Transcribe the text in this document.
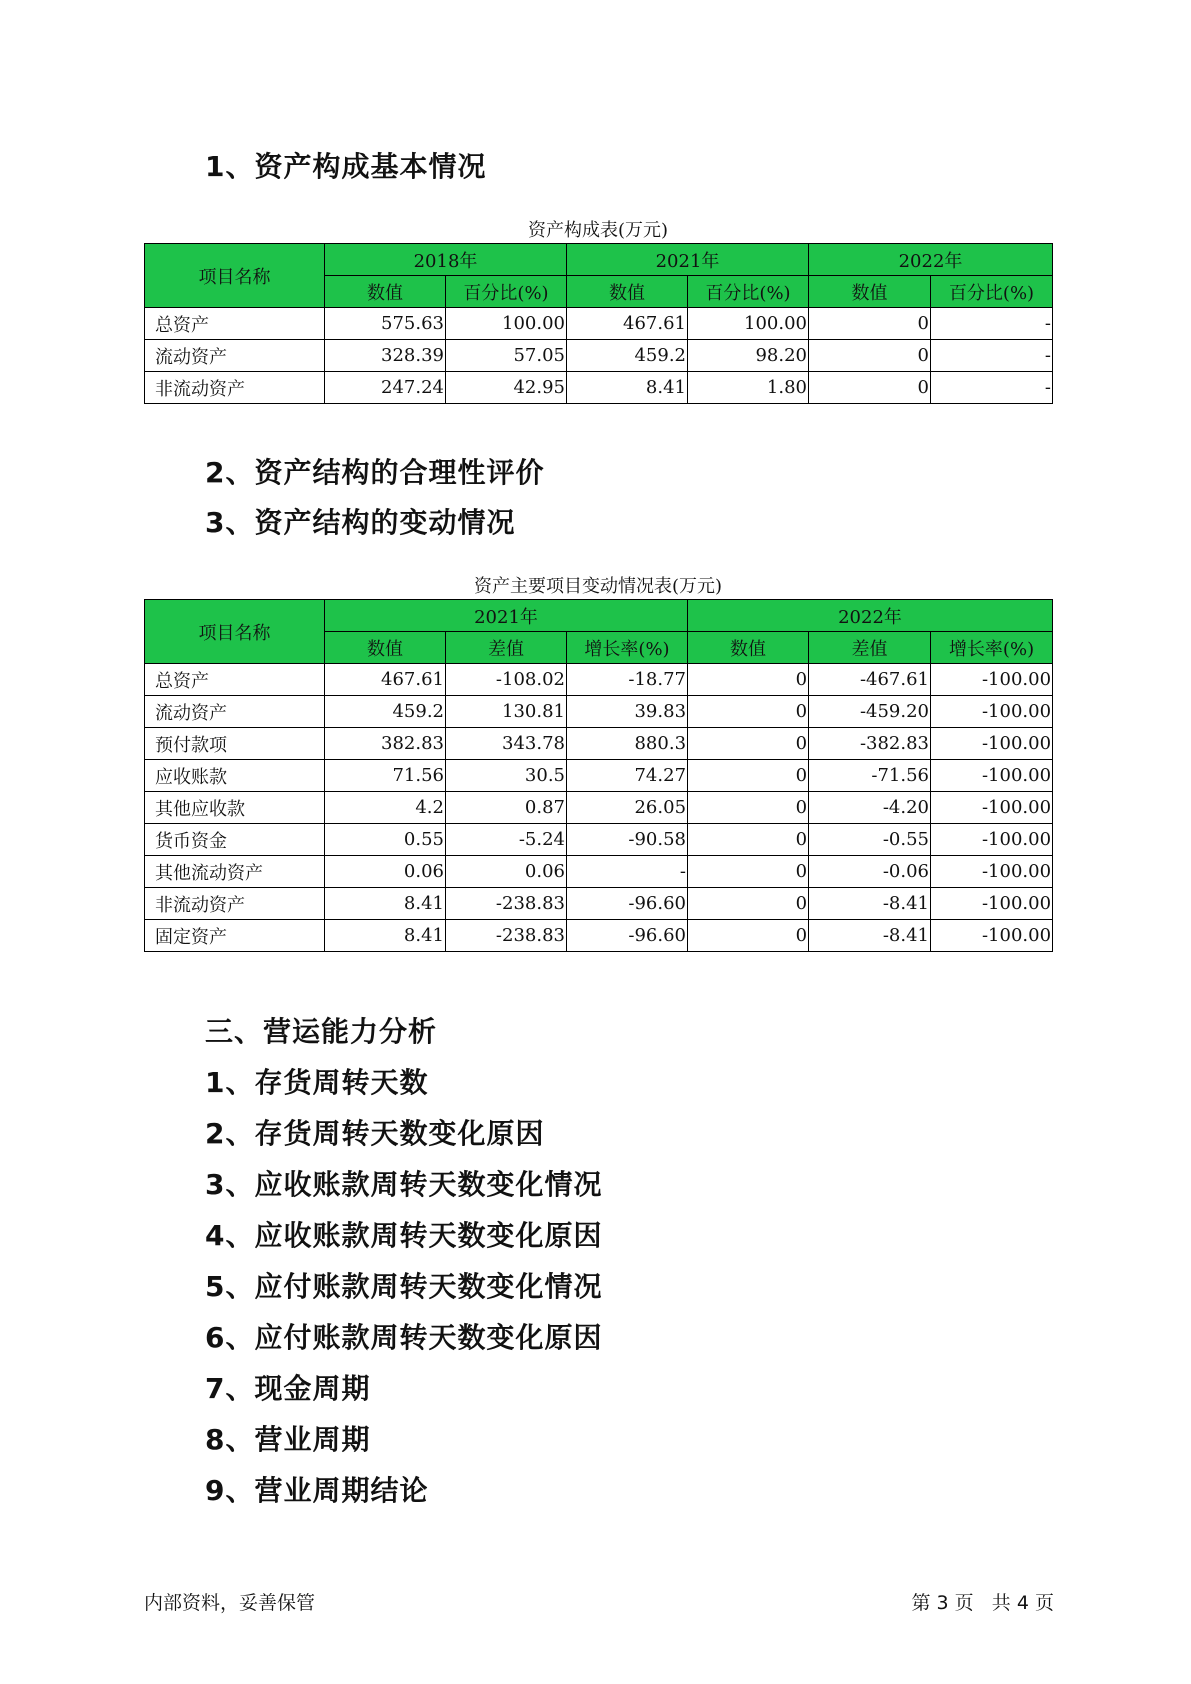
1、资产构成基本情况
资产构成表(万元)
项目名称	2018年		2021年		2022年	
	数值	百分比(%)	数值	百分比(%)	数值	百分比(%)
总资产	575.63	100.00	467.61	100.00	0	-
流动资产	328.39	57.05	459.2	98.20	0	-
非流动资产	247.24	42.95	8.41	1.80	0	-
2、资产结构的合理性评价
3、资产结构的变动情况
资产主要项目变动情况表(万元)
项目名称	2021年			2022年		
	数值	差值	增长率(%)	数值	差值	增长率(%)
总资产	467.61	-108.02	-18.77	0	-467.61	-100.00
流动资产	459.2	130.81	39.83	0	-459.20	-100.00
预付款项	382.83	343.78	880.3	0	-382.83	-100.00
应收账款	71.56	30.5	74.27	0	-71.56	-100.00
其他应收款	4.2	0.87	26.05	0	-4.20	-100.00
货币资金	0.55	-5.24	-90.58	0	-0.55	-100.00
其他流动资产	0.06	0.06	-	0	-0.06	-100.00
非流动资产	8.41	-238.83	-96.60	0	-8.41	-100.00
固定资产	8.41	-238.83	-96.60	0	-8.41	-100.00
三、营运能力分析
1、存货周转天数
2、存货周转天数变化原因
3、应收账款周转天数变化情况
4、应收账款周转天数变化原因
5、应付账款周转天数变化情况
6、应付账款周转天数变化原因
7、现金周期
8、营业周期
9、营业周期结论
内部资料，妥善保管	第 3 页   共 4 页
